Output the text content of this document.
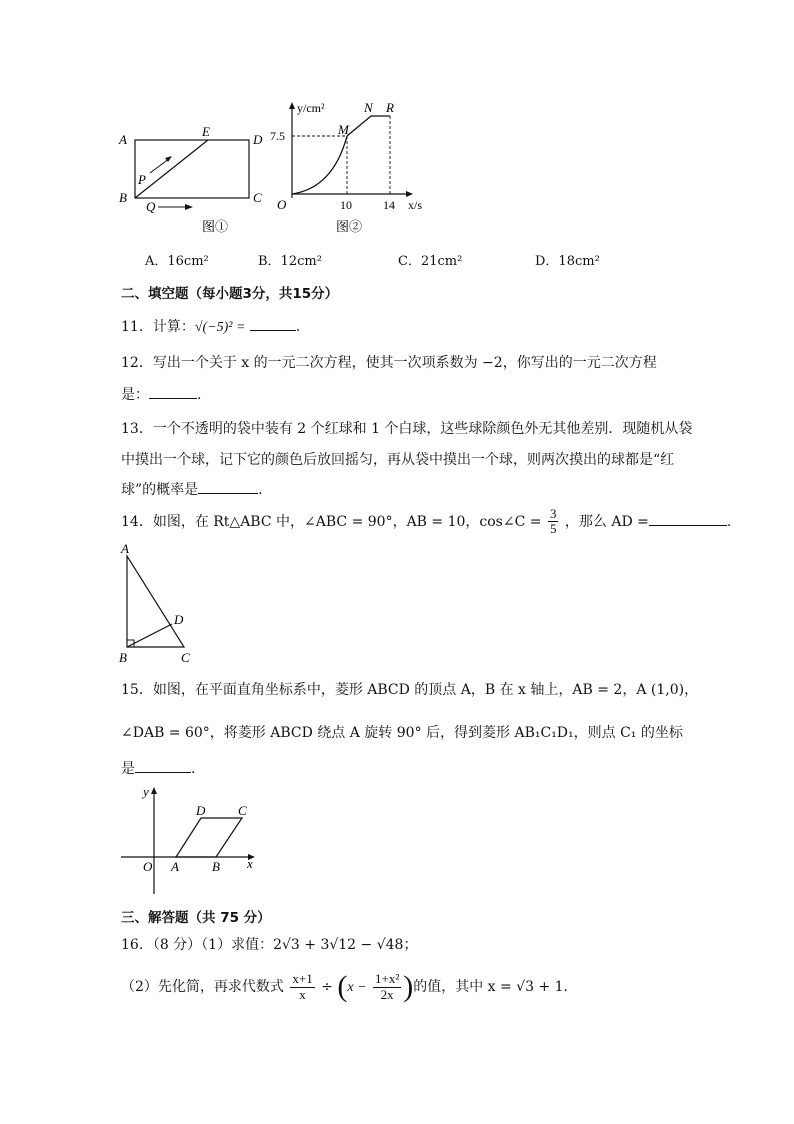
A
B	C
D
E
P
Q
图①
y/cm²
7.5
10	14
O	x/s
M
N R
图②
A．16cm²	B．12cm²	C．21cm²	D．18cm²
二、填空题（每小题3分，共15分）
11．计算：√(−5)² =	.
12．写出一个关于 x 的一元二次方程，使其一次项系数为 −2，你写出的一元二次方程
是：	.
13．一个不透明的袋中装有 2 个红球和 1 个白球，这些球除颜色外无其他差别．现随机从袋
中摸出一个球，记下它的颜色后放回摇匀，再从袋中摸出一个球，则两次摸出的球都是“红
球”的概率是	.
14．如图，在 Rt△ABC 中，∠ABC = 90°，AB = 10，cos∠C = $\frac{3}{5}$ ，那么 AD =	.
A
B	C
D
15．如图，在平面直角坐标系中，菱形 ABCD 的顶点 A，B 在 x 轴上，AB = 2，A (1,0)，
∠DAB = 60°，将菱形 ABCD 绕点 A 旋转 90° 后，得到菱形 AB₁C₁D₁，则点 C₁ 的坐标
是	.
y
x
O A	B
C
D
三、解答题（共 75 分）
16．（8 分）（1）求值：2√3 + 3√12 − √48；
（2）先化简，再求代数式 $\frac{x+1}{x} \div (x - \frac{\text{1+x²}}{2x}$ )的值，其中 x = √3 + 1.
